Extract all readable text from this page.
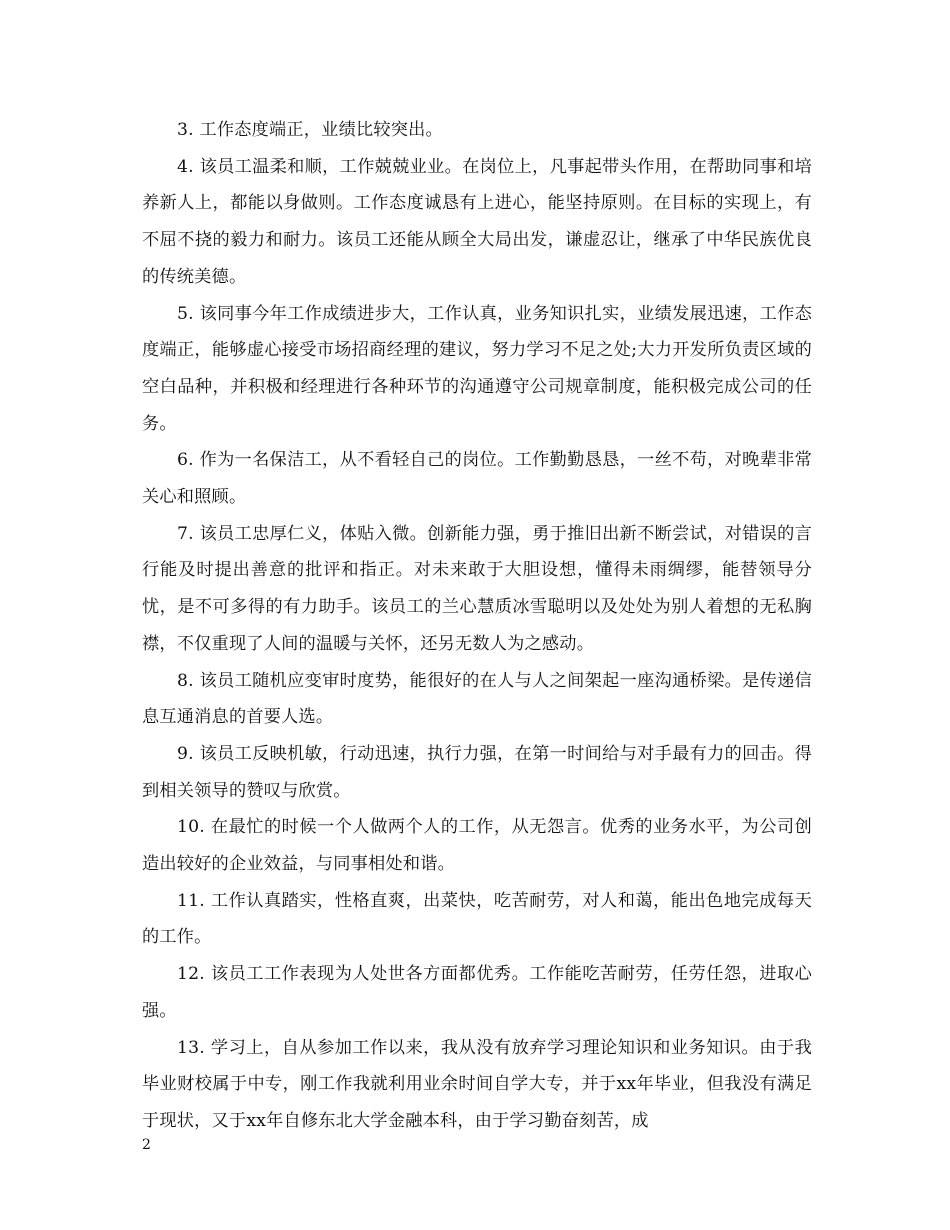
3. 工作态度端正，业绩比较突出。

4. 该员工温柔和顺，工作兢兢业业。在岗位上，凡事起带头作用，在帮助同事和培养新人上，都能以身做则。工作态度诚恳有上进心，能坚持原则。在目标的实现上，有不屈不挠的毅力和耐力。该员工还能从顾全大局出发，谦虚忍让，继承了中华民族优良的传统美德。

5. 该同事今年工作成绩进步大，工作认真，业务知识扎实，业绩发展迅速，工作态度端正，能够虚心接受市场招商经理的建议，努力学习不足之处;大力开发所负责区域的空白品种，并积极和经理进行各种环节的沟通遵守公司规章制度，能积极完成公司的任务。

6. 作为一名保洁工，从不看轻自己的岗位。工作勤勤恳恳，一丝不苟，对晚辈非常关心和照顾。

7. 该员工忠厚仁义，体贴入微。创新能力强，勇于推旧出新不断尝试，对错误的言行能及时提出善意的批评和指正。对未来敢于大胆设想，懂得未雨绸缪，能替领导分忧，是不可多得的有力助手。该员工的兰心慧质冰雪聪明以及处处为别人着想的无私胸襟，不仅重现了人间的温暖与关怀，还另无数人为之感动。

8. 该员工随机应变审时度势，能很好的在人与人之间架起一座沟通桥梁。是传递信息互通消息的首要人选。

9. 该员工反映机敏，行动迅速，执行力强，在第一时间给与对手最有力的回击。得到相关领导的赞叹与欣赏。

10. 在最忙的时候一个人做两个人的工作，从无怨言。优秀的业务水平，为公司创造出较好的企业效益，与同事相处和谐。

11. 工作认真踏实，性格直爽，出菜快，吃苦耐劳，对人和蔼，能出色地完成每天的工作。

12. 该员工工作表现为人处世各方面都优秀。工作能吃苦耐劳，任劳任怨，进取心强。

13. 学习上，自从参加工作以来，我从没有放弃学习理论知识和业务知识。由于我毕业财校属于中专，刚工作我就利用业余时间自学大专，并于xx年毕业，但我没有满足于现状，又于xx年自修东北大学金融本科，由于学习勤奋刻苦，成

2
